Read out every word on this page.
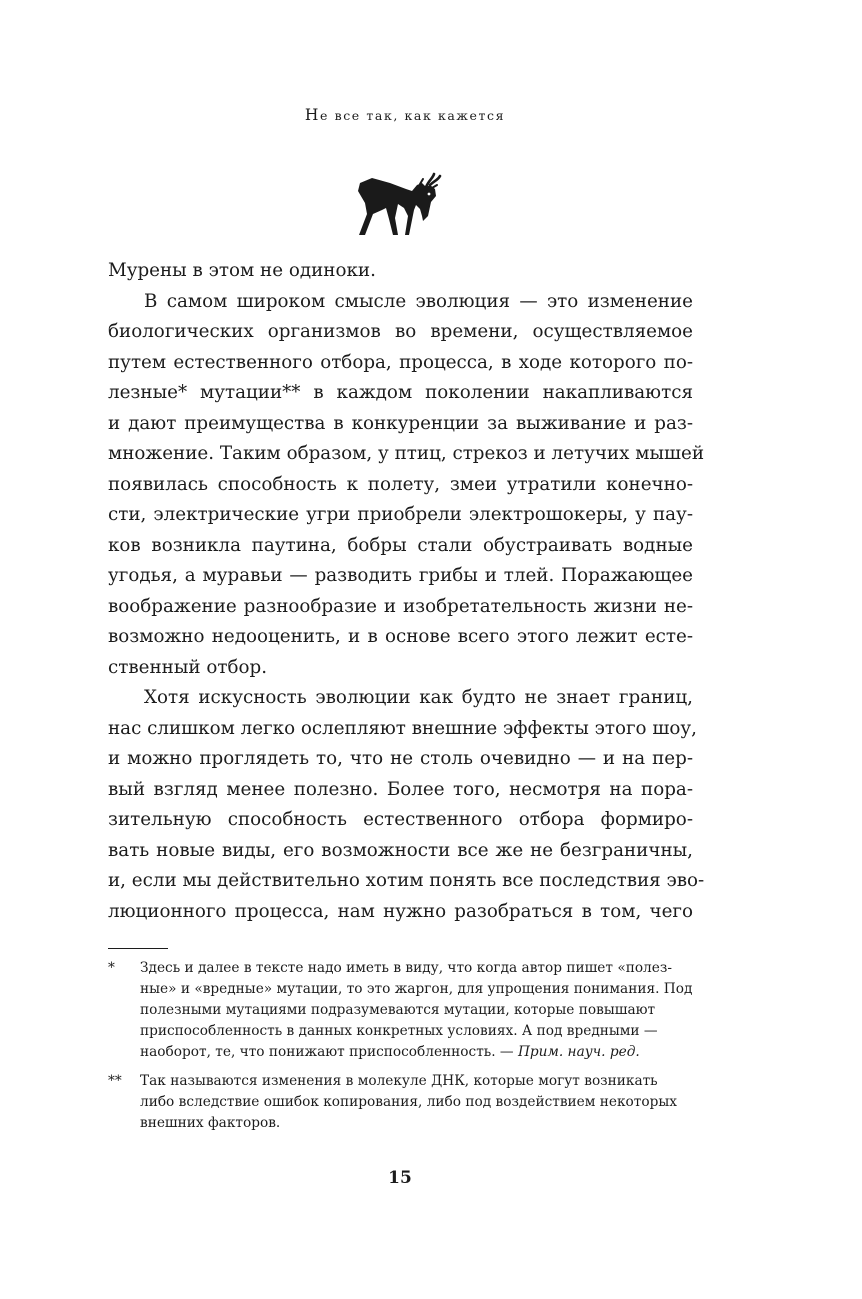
Не все так, как кажется
Мурены в этом не одиноки.
В самом широком смысле эволюция — это изменение
биологических организмов во времени, осуществляемое
путем естественного отбора, процесса, в ходе которого по-
лезные* мутации** в каждом поколении накапливаются
и дают преимущества в конкуренции за выживание и раз-
множение. Таким образом, у птиц, стрекоз и летучих мышей
появилась способность к полету, змеи утратили конечно-
сти, электрические угри приобрели электрошокеры, у пау-
ков возникла паутина, бобры стали обустраивать водные
угодья, а муравьи — разводить грибы и тлей. Поражающее
воображение разнообразие и изобретательность жизни не-
возможно недооценить, и в основе всего этого лежит есте-
ственный отбор.
Хотя искусность эволюции как будто не знает границ,
нас слишком легко ослепляют внешние эффекты этого шоу,
и можно проглядеть то, что не столь очевидно — и на пер-
вый взгляд менее полезно. Более того, несмотря на пора-
зительную способность естественного отбора формиро-
вать новые виды, его возможности все же не безграничны,
и, если мы действительно хотим понять все последствия эво-
люционного процесса, нам нужно разобраться в том, чего
* Здесь и далее в тексте надо иметь в виду, что когда автор пишет «полезные» и «вредные» мутации, то это жаргон, для упрощения понимания. Под полезными мутациями подразумеваются мутации, которые повышают приспособленность в данных конкретных условиях. А под вредными — наоборот, те, что понижают приспособленность. — Прим. науч. ред.
** Так называются изменения в молекуле ДНК, которые могут возникать либо вследствие ошибок копирования, либо под воздействием некоторых внешних факторов.
15
